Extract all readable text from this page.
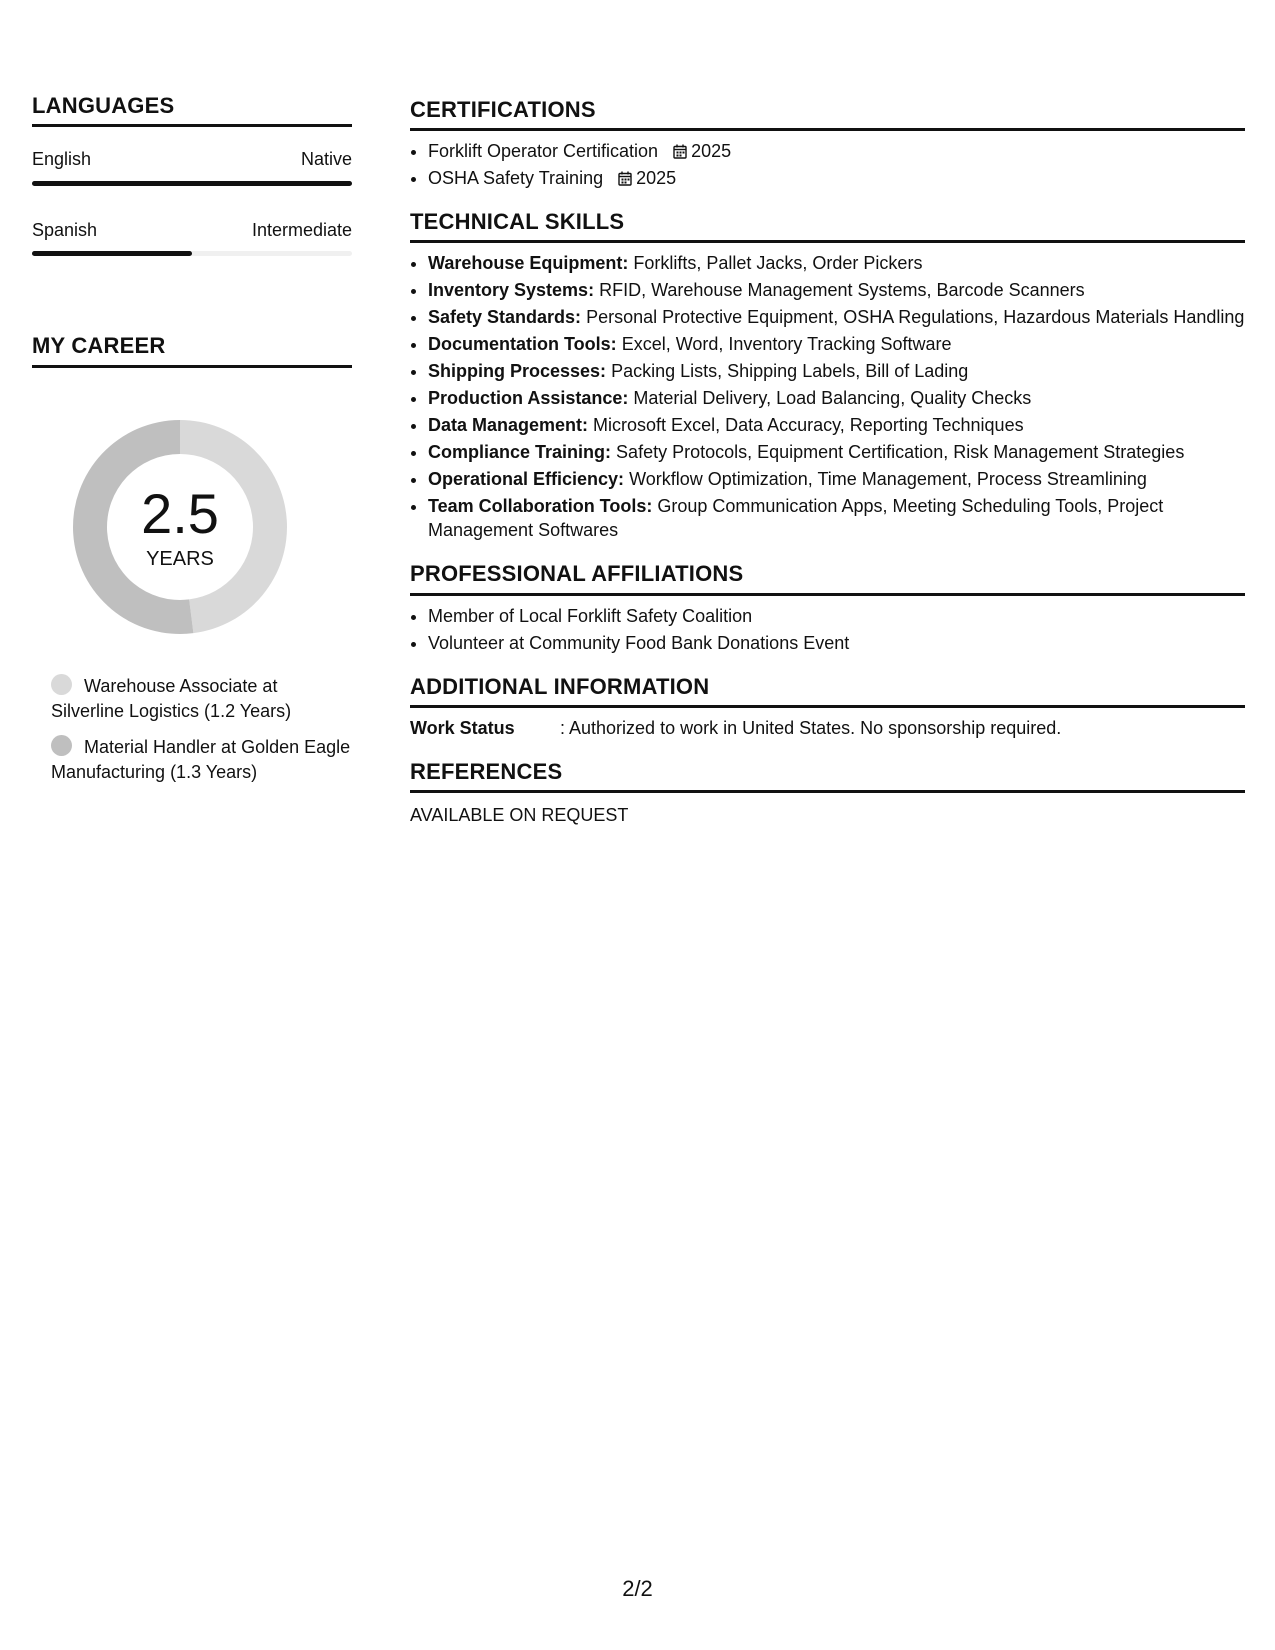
LANGUAGES
English	Native
Spanish	Intermediate
MY CAREER
2.5
YEARS
Warehouse Associate at Silverline Logistics (1.2 Years)
Material Handler at Golden Eagle Manufacturing (1.3 Years)
CERTIFICATIONS
• Forklift Operator Certification 2025
• OSHA Safety Training 2025
TECHNICAL SKILLS
• Warehouse Equipment: Forklifts, Pallet Jacks, Order Pickers
• Inventory Systems: RFID, Warehouse Management Systems, Barcode Scanners
• Safety Standards: Personal Protective Equipment, OSHA Regulations, Hazardous Materials Handling
• Documentation Tools: Excel, Word, Inventory Tracking Software
• Shipping Processes: Packing Lists, Shipping Labels, Bill of Lading
• Production Assistance: Material Delivery, Load Balancing, Quality Checks
• Data Management: Microsoft Excel, Data Accuracy, Reporting Techniques
• Compliance Training: Safety Protocols, Equipment Certification, Risk Management Strategies
• Operational Efficiency: Workflow Optimization, Time Management, Process Streamlining
• Team Collaboration Tools: Group Communication Apps, Meeting Scheduling Tools, Project Management Softwares
PROFESSIONAL AFFILIATIONS
• Member of Local Forklift Safety Coalition
• Volunteer at Community Food Bank Donations Event
ADDITIONAL INFORMATION
Work Status	: Authorized to work in United States. No sponsorship required.
REFERENCES
AVAILABLE ON REQUEST
2/2
